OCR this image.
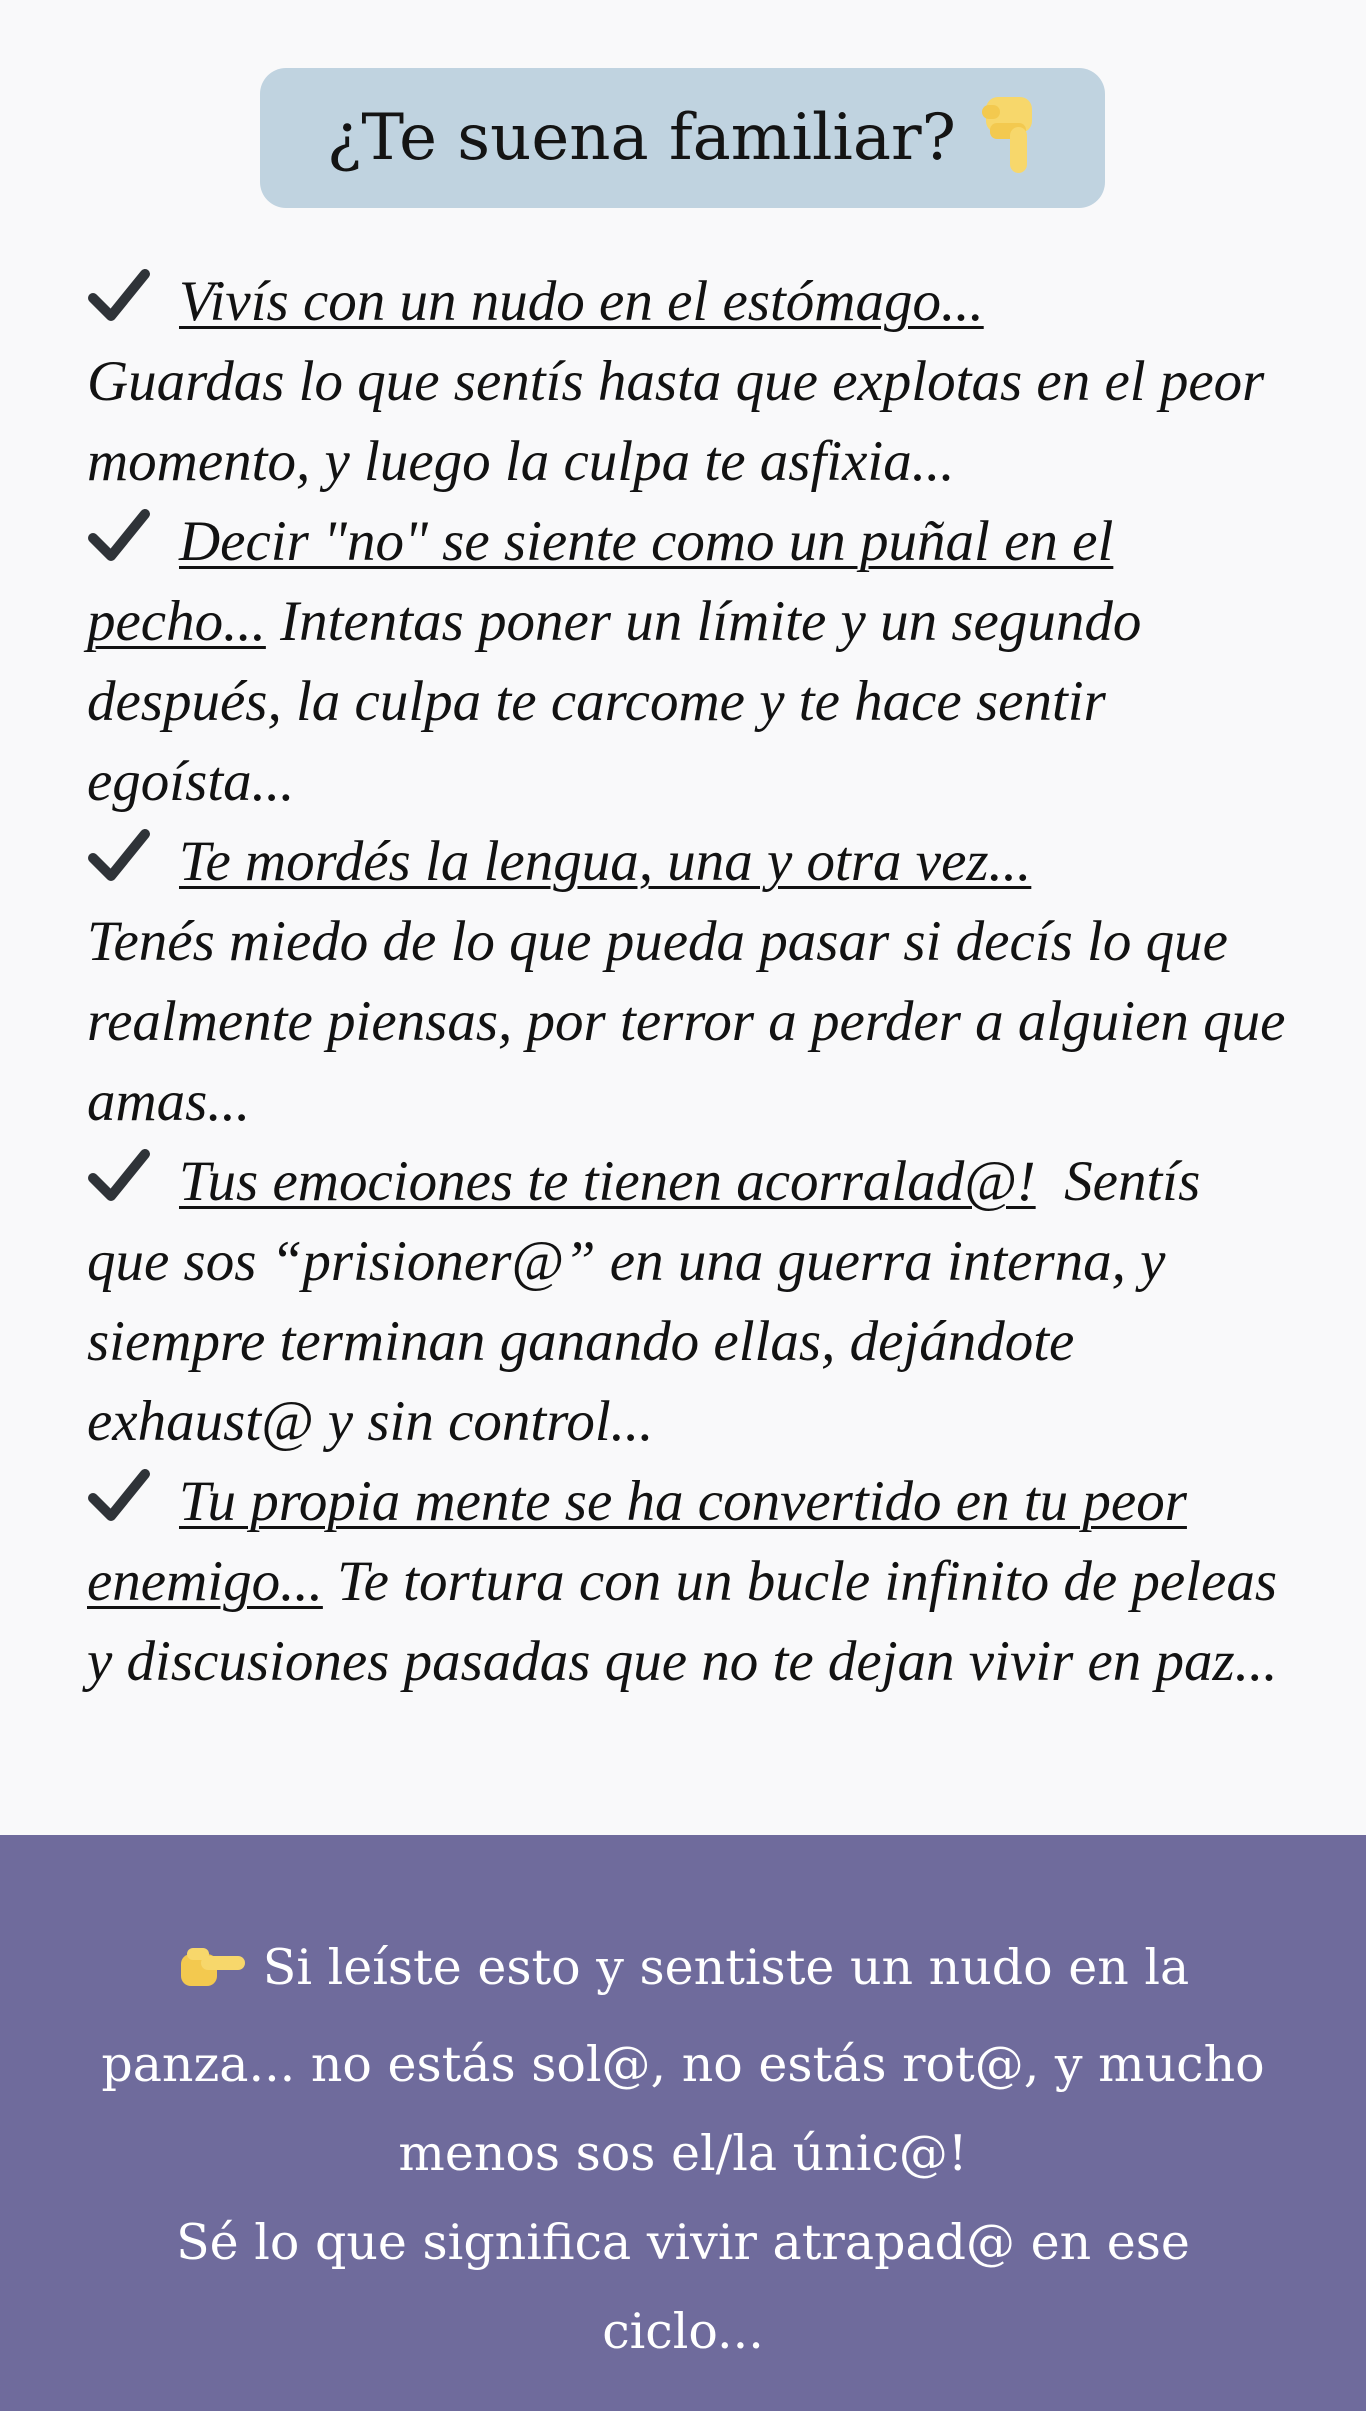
¿Te suena familiar?

Vivís con un nudo en el estómago...
Guardas lo que sentís hasta que explotas en el peor momento, y luego la culpa te asfixia...

Decir "no" se siente como un puñal en el pecho... Intentas poner un límite y un segundo después, la culpa te carcome y te hace sentir egoísta...

Te mordés la lengua, una y otra vez...
Tenés miedo de lo que pueda pasar si decís lo que realmente piensas, por terror a perder a alguien que amas...

Tus emociones te tienen acorralad@! Sentís que sos “prisioner@” en una guerra interna, y siempre terminan ganando ellas, dejándote exhaust@ y sin control...

Tu propia mente se ha convertido en tu peor enemigo... Te tortura con un bucle infinito de peleas y discusiones pasadas que no te dejan vivir en paz...

Si leíste esto y sentiste un nudo en la panza... no estás sol@, no estás rot@, y mucho menos sos el/la únic@!
Sé lo que significa vivir atrapad@ en ese ciclo...
